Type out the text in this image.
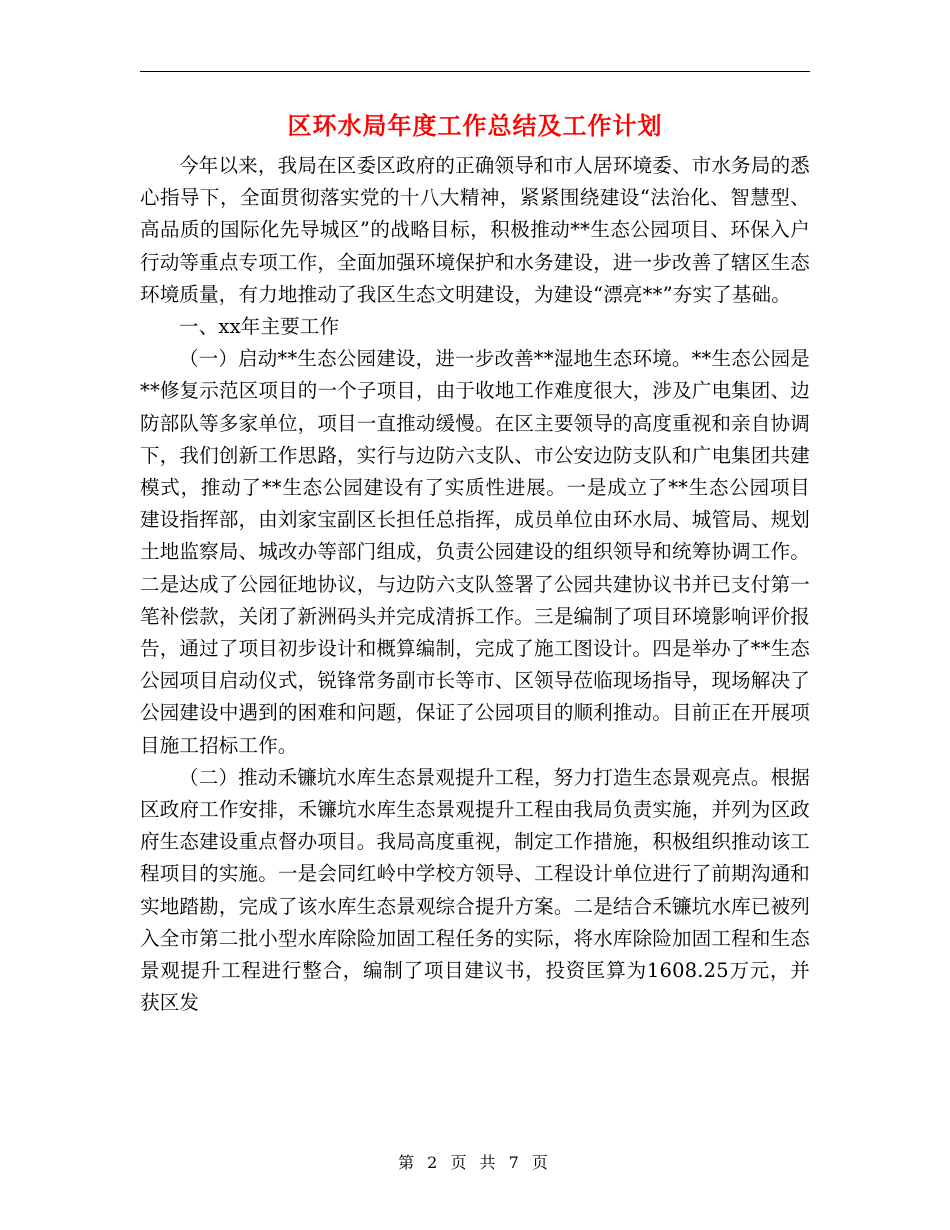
区环水局年度工作总结及工作计划

今年以来，我局在区委区政府的正确领导和市人居环境委、市水务局的悉心指导下，全面贯彻落实党的十八大精神，紧紧围绕建设“法治化、智慧型、高品质的国际化先导城区”的战略目标，积极推动**生态公园项目、环保入户行动等重点专项工作，全面加强环境保护和水务建设，进一步改善了辖区生态环境质量，有力地推动了我区生态文明建设，为建设“漂亮**”夯实了基础。

一、xx年主要工作

（一）启动**生态公园建设，进一步改善**湿地生态环境。**生态公园是**修复示范区项目的一个子项目，由于收地工作难度很大，涉及广电集团、边防部队等多家单位，项目一直推动缓慢。在区主要领导的高度重视和亲自协调下，我们创新工作思路，实行与边防六支队、市公安边防支队和广电集团共建模式，推动了**生态公园建设有了实质性进展。一是成立了**生态公园项目建设指挥部，由刘家宝副区长担任总指挥，成员单位由环水局、城管局、规划土地监察局、城改办等部门组成，负责公园建设的组织领导和统筹协调工作。二是达成了公园征地协议，与边防六支队签署了公园共建协议书并已支付第一笔补偿款，关闭了新洲码头并完成清拆工作。三是编制了项目环境影响评价报告，通过了项目初步设计和概算编制，完成了施工图设计。四是举办了**生态公园项目启动仪式，锐锋常务副市长等市、区领导莅临现场指导，现场解决了公园建设中遇到的困难和问题，保证了公园项目的顺利推动。目前正在开展项目施工招标工作。

（二）推动禾镰坑水库生态景观提升工程，努力打造生态景观亮点。根据区政府工作安排，禾镰坑水库生态景观提升工程由我局负责实施，并列为区政府生态建设重点督办项目。我局高度重视，制定工作措施，积极组织推动该工程项目的实施。一是会同红岭中学校方领导、工程设计单位进行了前期沟通和实地踏勘，完成了该水库生态景观综合提升方案。二是结合禾镰坑水库已被列入全市第二批小型水库除险加固工程任务的实际，将水库除险加固工程和生态景观提升工程进行整合，编制了项目建议书，投资匡算为1608.25万元，并获区发

第 2 页 共 7 页
